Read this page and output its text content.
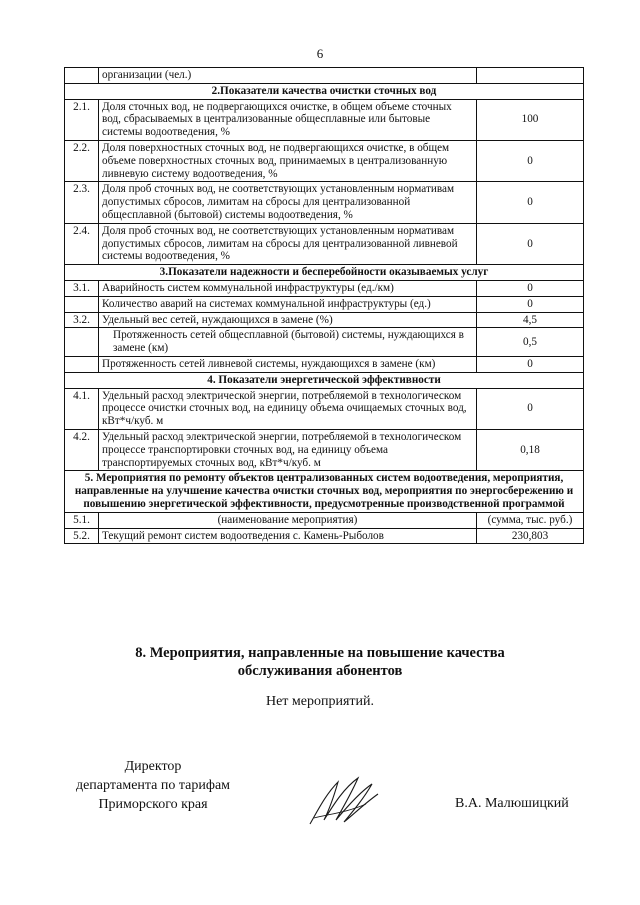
6
	организации (чел.)	
2.Показатели качества очистки сточных вод		
2.1.	Доля сточных вод, не подвергающихся очистке, в общем объеме сточных вод, сбрасываемых в централизованные общесплавные или бытовые системы водоотведения, %	100
2.2.	Доля поверхностных сточных вод, не подвергающихся очистке, в общем объеме поверхностных сточных вод, принимаемых в централизованную ливневую систему водоотведения, %	0
2.3.	Доля проб сточных вод, не соответствующих установленным нормативам допустимых сбросов, лимитам на сбросы для централизованной общесплавной (бытовой) системы водоотведения, %	0
2.4.	Доля проб сточных вод, не соответствующих установленным нормативам допустимых сбросов, лимитам на сбросы для централизованной ливневой системы водоотведения, %	0
3.Показатели надежности и бесперебойности оказываемых услуг		
3.1.	Аварийность систем коммунальной инфраструктуры (ед./км)	0
	Количество аварий на системах коммунальной инфраструктуры (ед.)	0
3.2.	Удельный вес сетей, нуждающихся в замене (%)	4,5
	Протяженность сетей общесплавной (бытовой) системы, нуждающихся в замене (км)	0,5
	Протяженность сетей ливневой системы, нуждающихся в замене (км)	0
4. Показатели энергетической эффективности		
4.1.	Удельный расход электрической энергии, потребляемой в технологическом процессе очистки сточных вод, на единицу объема очищаемых сточных вод, кВт*ч/куб. м	0
4.2.	Удельный расход электрической энергии, потребляемой в технологическом процессе транспортировки сточных вод, на единицу объема транспортируемых сточных вод, кВт*ч/куб. м	0,18
5. Мероприятия по ремонту объектов централизованных систем водоотведения, мероприятия, направленные на улучшение качества очистки сточных вод, мероприятия по энергосбережению и повышению энергетической эффективности, предусмотренные производственной программой		
5.1.	(наименование мероприятия)	(сумма, тыс. руб.)
5.2.	Текущий ремонт систем водоотведения с. Камень-Рыболов	230,803
8. Мероприятия, направленные на повышение качества
обслуживания абонентов
Нет мероприятий.
Директор
департамента по тарифам
Приморского края	В.А. Малюшицкий
